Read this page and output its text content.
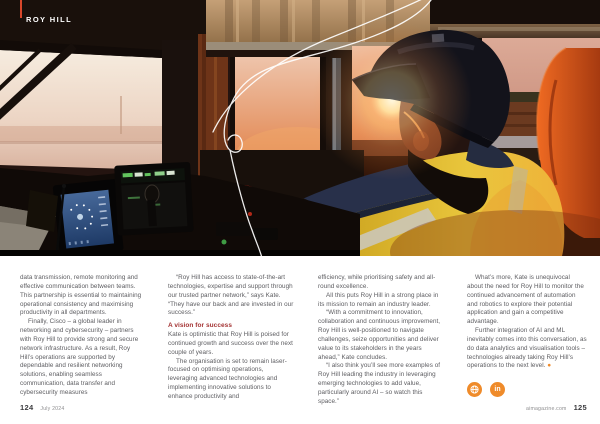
ROY HILL

data transmission, remote monitoring and effective communication between teams. This partnership is essential to maintaining operational consistency and maximising productivity in all departments.

Finally, Cisco – a global leader in networking and cybersecurity – partners with Roy Hill to provide strong and secure network infrastructure. As a result, Roy Hill’s operations are supported by dependable and resilient networking solutions, enabling seamless communication, data transfer and cybersecurity measures

“Roy Hill has access to state-of-the-art technologies, expertise and support through our trusted partner network,” says Kate. “They have our back and are invested in our success.”

A vision for success

Kate is optimistic that Roy Hill is poised for continued growth and success over the next couple of years.

The organisation is set to remain laser-focused on optimising operations, leveraging advanced technologies and implementing innovative solutions to enhance productivity and

efficiency, while prioritising safety and all-round excellence.

All this puts Roy Hill in a strong place in its mission to remain an industry leader.

“With a commitment to innovation, collaboration and continuous improvement, Roy Hill is well-positioned to navigate challenges, seize opportunities and deliver value to its stakeholders in the years ahead,” Kate concludes.

“I also think you’ll see more examples of Roy Hill leading the industry in leveraging emerging technologies to add value, particularly around AI – so watch this space.”

What’s more, Kate is unequivocal about the need for Roy Hill to monitor the continued advancement of automation and robotics to explore their potential application and gain a competitive advantage.

Further integration of AI and ML inevitably comes into this conversation, as do data analytics and visualisation tools – technologies already taking Roy Hill’s operations to the next level. ●

in
124 July 2024	aimagazine.com 125
